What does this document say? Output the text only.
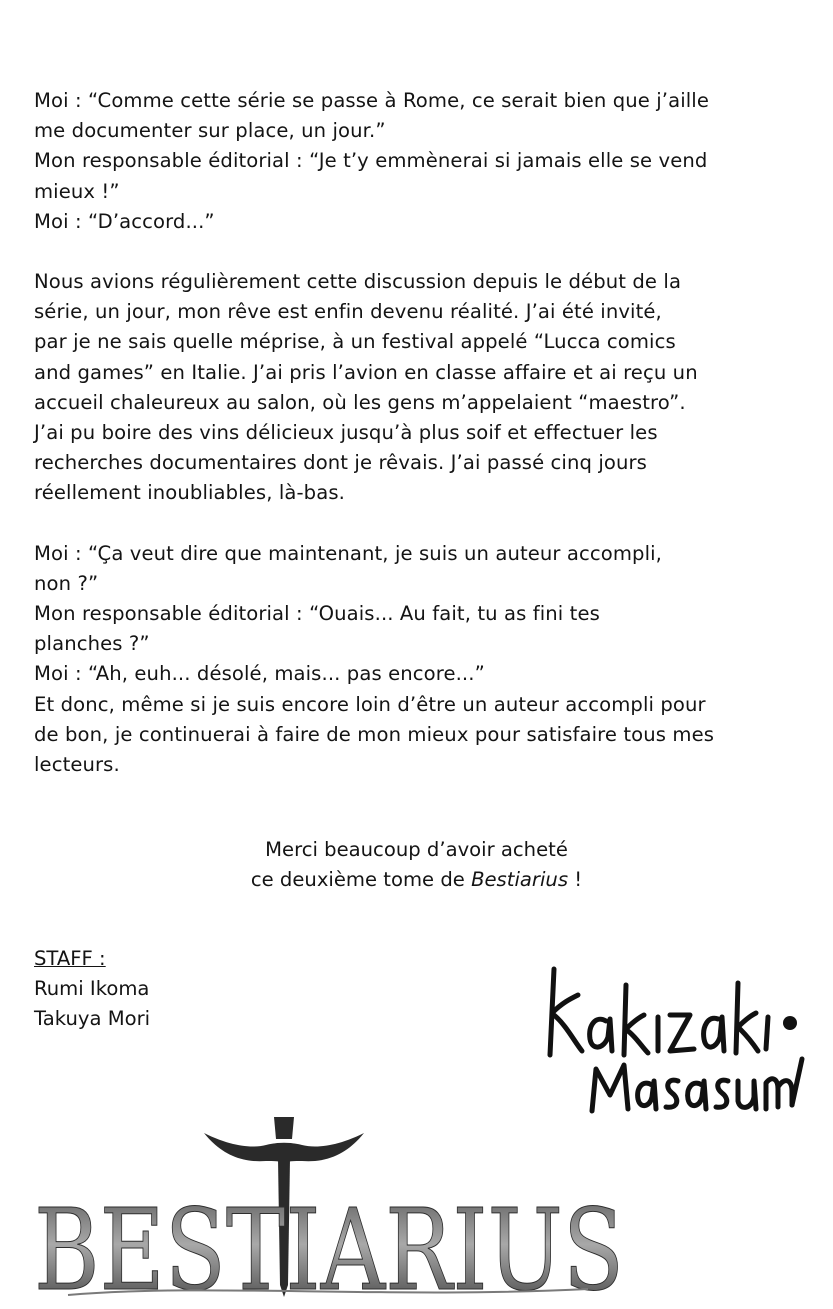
Moi : “Comme cette série se passe à Rome, ce serait bien que j’aille

me documenter sur place, un jour.”

Mon responsable éditorial : “Je t’y emmènerai si jamais elle se vend

mieux !”

Moi : “D’accord...”

Nous avions régulièrement cette discussion depuis le début de la

série, un jour, mon rêve est enfin devenu réalité. J’ai été invité,

par je ne sais quelle méprise, à un festival appelé “Lucca comics

and games” en Italie. J’ai pris l’avion en classe affaire et ai reçu un

accueil chaleureux au salon, où les gens m’appelaient “maestro”.

J’ai pu boire des vins délicieux jusqu’à plus soif et effectuer les

recherches documentaires dont je rêvais. J’ai passé cinq jours

réellement inoubliables, là-bas.

Moi : “Ça veut dire que maintenant, je suis un auteur accompli,

non ?”

Mon responsable éditorial : “Ouais... Au fait, tu as fini tes

planches ?”

Moi : “Ah, euh... désolé, mais... pas encore...”

Et donc, même si je suis encore loin d’être un auteur accompli pour

de bon, je continuerai à faire de mon mieux pour satisfaire tous mes

lecteurs.

Merci beaucoup d’avoir acheté
ce deuxième tome de Bestiarius !
STAFF :
Rumi Ikoma
Takuya Mori
BESTIARIUS
